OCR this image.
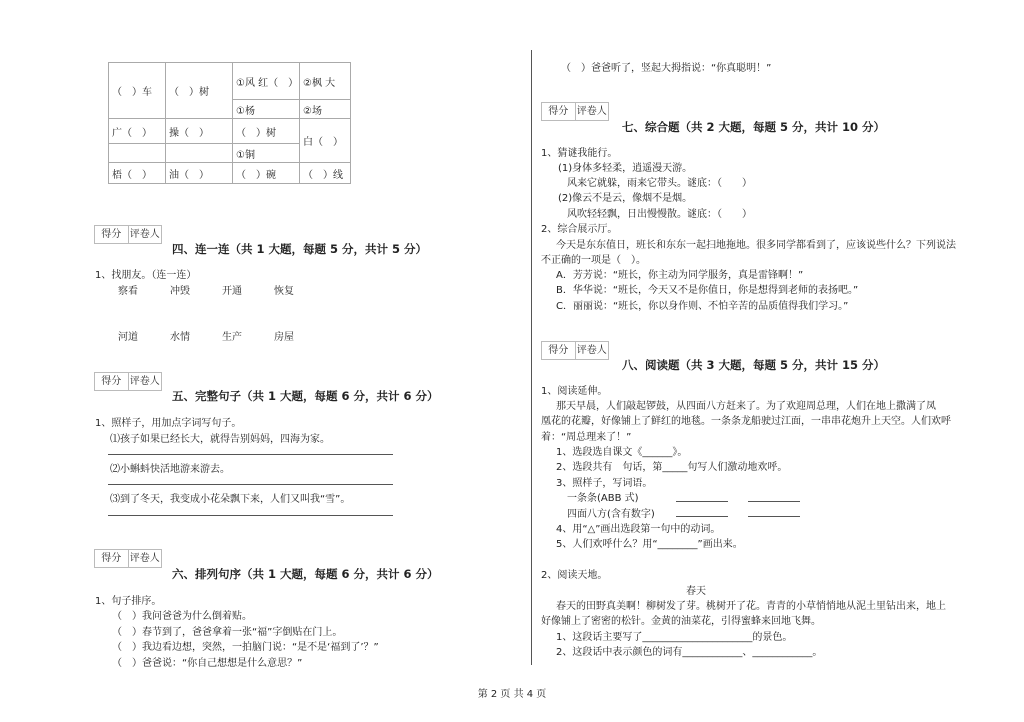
（　）车	（　）树	①风 红（　）	②枫 大
		①杨	②场
广（　）	操（　）	（　）树	白（　）
		①铜	
梧（　）	油（　）	（　）碗	（　）线
得分 评卷人
四、连一连（共 1 大题，每题 5 分，共计 5 分）
1、找朋友。（连一连）
察看	冲毁	开通	恢复
河道	水情	生产	房屋
得分 评卷人
五、完整句子（共 1 大题，每题 6 分，共计 6 分）
1、照样子，用加点字词写句子。
⑴孩子如果已经长大，就得告别妈妈，四海为家。
⑵小蝌蚪快活地游来游去。
⑶到了冬天，我变成小花朵飘下来，人们又叫我“雪”。
得分 评卷人
六、排列句序（共 1 大题，每题 6 分，共计 6 分）
1、句子排序。
（　）我问爸爸为什么倒着贴。
（　）春节到了，爸爸拿着一张“福”字倒贴在门上。
（　）我边看边想，突然，一拍脑门说：“是不是‘福到了’？”
（　）爸爸说：“你自己想想是什么意思？”
（　）爸爸听了，竖起大拇指说：“你真聪明！”
得分 评卷人
七、综合题（共 2 大题，每题 5 分，共计 10 分）
1、猜谜我能行。
(1)身体多轻柔，逍遥漫天游。
风来它就躲，雨来它带头。谜底：（　　）
(2)像云不是云，像烟不是烟。
风吹轻轻飘，日出慢慢散。谜底：（　　）
2、综合展示厅。
今天是东东值日，班长和东东一起扫地拖地。很多同学都看到了，应该说些什么？下列说法
不正确的一项是（　）。
A．芳芳说：“班长，你主动为同学服务，真是雷锋啊！”
B．华华说：“班长，今天又不是你值日，你是想得到老师的表扬吧。”
C．丽丽说：“班长，你以身作则、不怕辛苦的品质值得我们学习。”
得分 评卷人
八、阅读题（共 3 大题，每题 5 分，共计 15 分）
1、阅读延伸。
那天早晨，人们敲起锣鼓，从四面八方赶来了。为了欢迎周总理，人们在地上撒满了凤
凰花的花瓣，好像铺上了鲜红的地毯。一条条龙船驶过江面，一串串花炮升上天空。人们欢呼
着：“周总理来了！”
1、选段选自课文《______》。
2、选段共有　句话，第_____句写人们激动地欢呼。
3、照样子，写词语。
一条条(ABB 式)
四面八方(含有数字)
4、用“△”画出选段第一句中的动词。
5、人们欢呼什么？用“________”画出来。
2、阅读天地。
春天
春天的田野真美啊！柳树发了芽。桃树开了花。青青的小草悄悄地从泥土里钻出来，地上
好像铺上了密密的松针。金黄的油菜花，引得蜜蜂来回地飞舞。
1、这段话主要写了______________________的景色。
2、这段话中表示颜色的词有____________、____________。
第 2 页 共 4 页
